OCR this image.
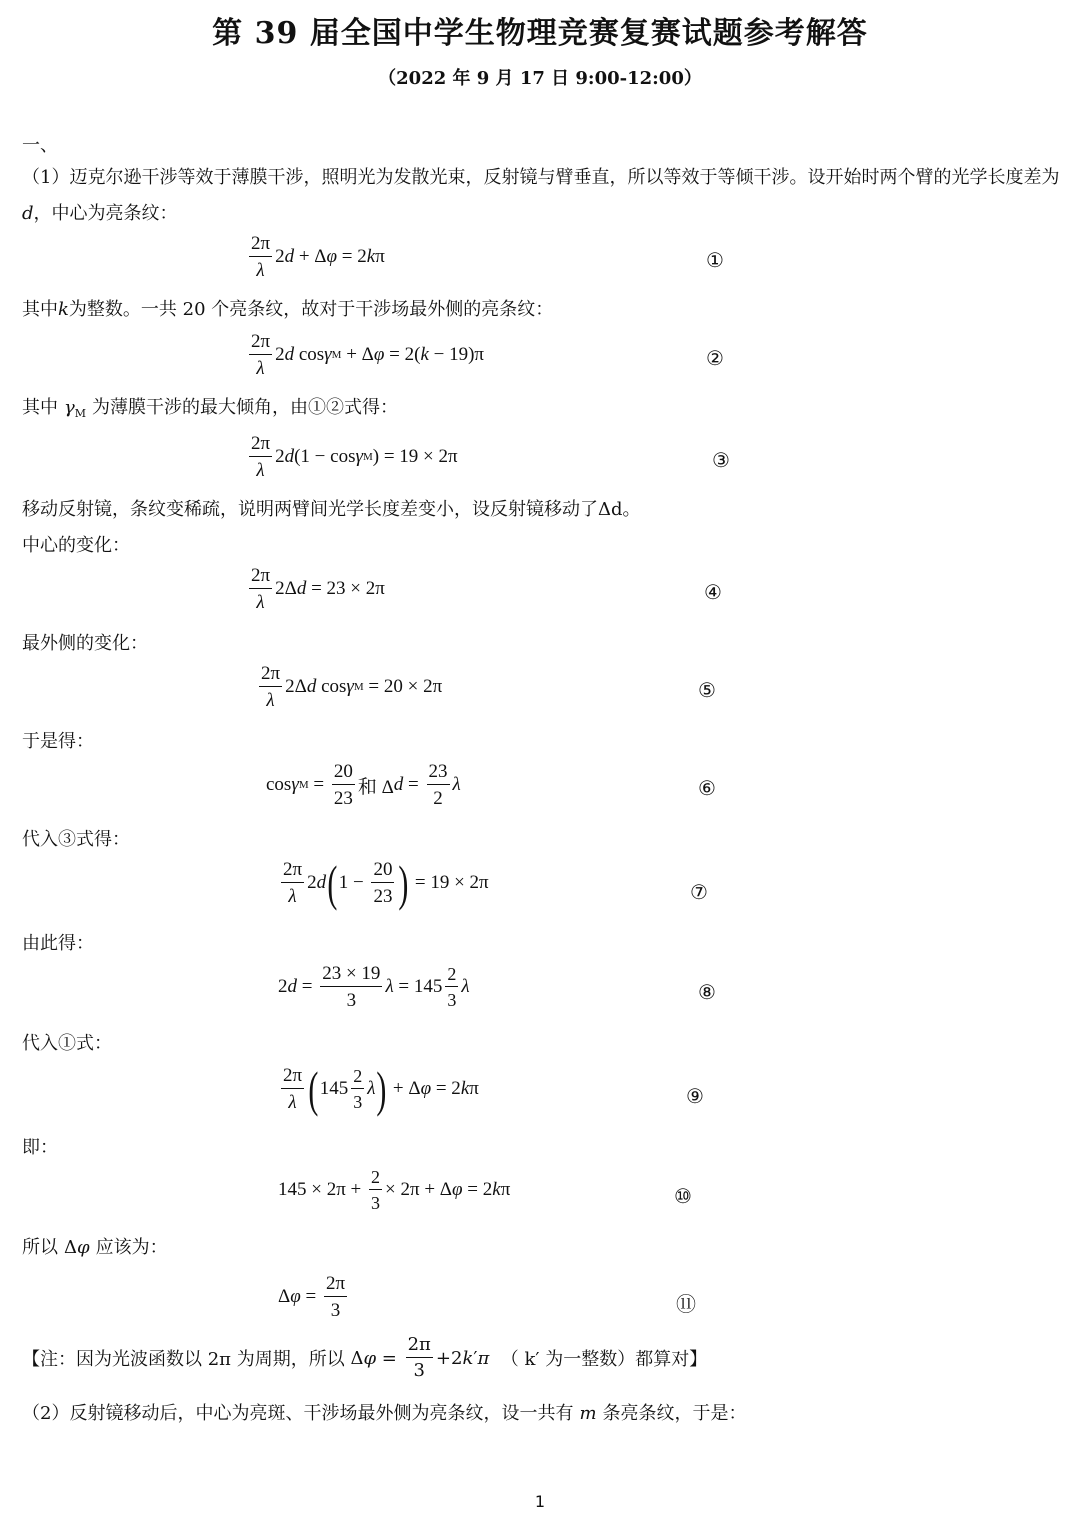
第 39 届全国中学生物理竞赛复赛试题参考解答
（2022 年 9 月 17 日 9:00-12:00）
一、
（1）迈克尔逊干涉等效于薄膜干涉，照明光为发散光束，反射镜与臂垂直，所以等效于等倾干涉。设开始时两个臂的光学长度差为d，中心为亮条纹：
$\frac{2\pi}{\lambda} 2$ d + Δ φ = 2 k π	①
其中k为整数。一共 20 个亮条纹，故对于干涉场最外侧的亮条纹：
$\frac{2\pi}{\lambda} 2$ d cos γ M + Δ φ = 2( k − 19)π	②
其中 $\gamma_M$ 为薄膜干涉的最大倾角，由①②式得：
$\frac{2\pi}{\lambda} 2$ d (1 − cos γ M ) = 19 × 2π	③
移动反射镜，条纹变稀疏，说明两臂间光学长度差变小，设反射镜移动了Δd。
中心的变化：
$\frac{2\pi}{\lambda} 2\Delta$ d = 23 × 2π	④
最外侧的变化：
$\frac{2\pi}{\lambda} 2\Delta$ d cos γ M = 20 × 2π	⑤
于是得：
cos γ $M = \frac{20}{23}$ 和 Δ $d = \frac{23}{2}$ λ	⑥
代入③式得：
$\frac{2\pi}{\lambda} 2$ d ( $1 - \frac{20}{23}$ ) = 19 × 2π	⑦
由此得：
2 $d = \frac{23 \times 19}{3}$ $\lambda = 145 \frac{2}{3}$ λ	⑧
代入①式：
$\frac{2\pi}{\lambda}$ ( $145 \frac{2}{3}$ λ ) + Δ φ = 2 k π	⑨
即：
$145 \times 2\pi + \frac{2}{3} \times 2\pi + \Delta$ φ = 2 k π	⑩
所以 Δφ 应该为：
Δ $\varphi = \frac{2\pi}{3}$	⑪
【注：因为光波函数以 2π 为周期，所以 Δ $\varphi = \frac{2\pi}{3} +2$ k ′ π
（ k′ 为一整数）都算对】
（2）反射镜移动后，中心为亮斑、干涉场最外侧为亮条纹，设一共有 m 条亮条纹，于是：
1
